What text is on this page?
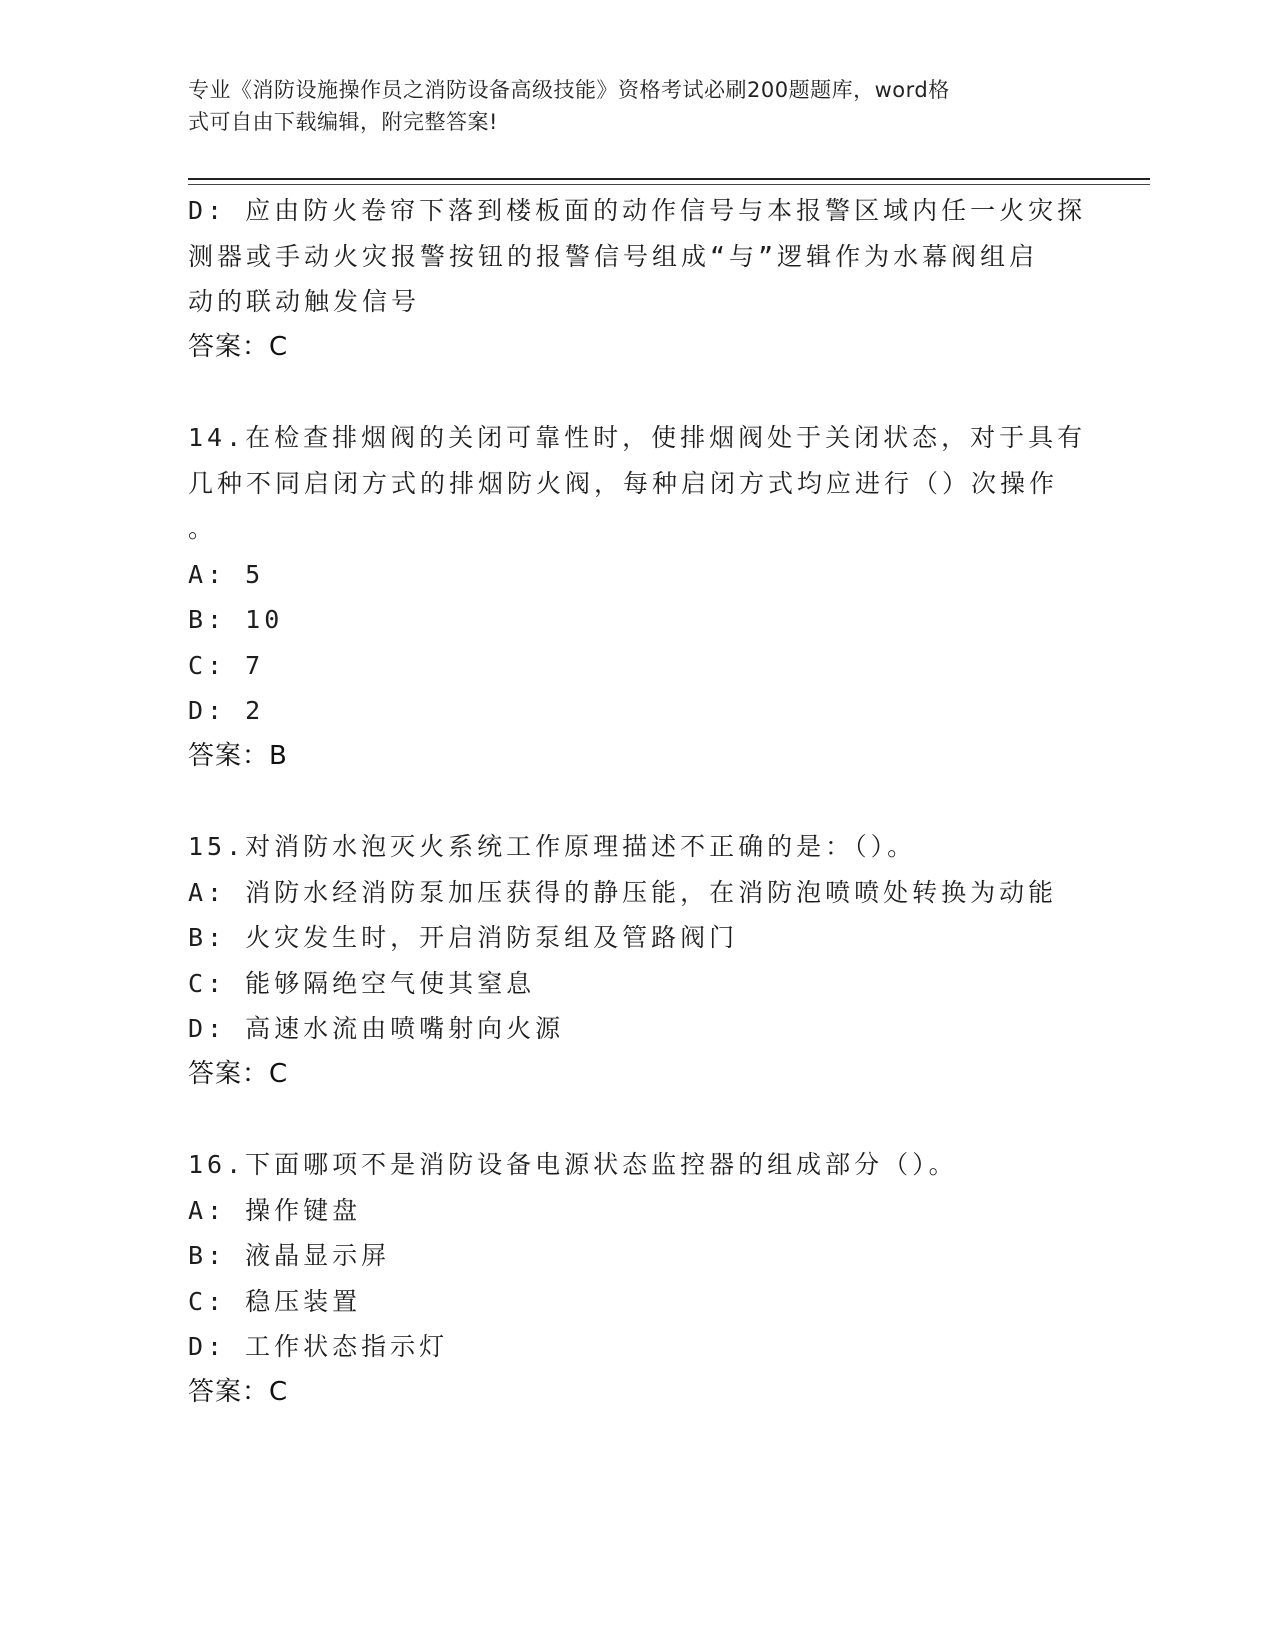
专业《消防设施操作员之消防设备高级技能》资格考试必刷200题题库，word格
式可自由下载编辑，附完整答案!
D: 应由防火卷帘下落到楼板面的动作信号与本报警区域内任一火灾探
测器或手动火灾报警按钮的报警信号组成“与”逻辑作为水幕阀组启
动的联动触发信号
答案：C
14.在检查排烟阀的关闭可靠性时，使排烟阀处于关闭状态，对于具有
几种不同启闭方式的排烟防火阀，每种启闭方式均应进行（）次操作
。
A: 5
B: 10
C: 7
D: 2
答案：B
15.对消防水泡灭火系统工作原理描述不正确的是：（）。
A: 消防水经消防泵加压获得的静压能，在消防泡喷喷处转换为动能
B: 火灾发生时，开启消防泵组及管路阀门
C: 能够隔绝空气使其窒息
D: 高速水流由喷嘴射向火源
答案：C
16.下面哪项不是消防设备电源状态监控器的组成部分（）。
A: 操作键盘
B: 液晶显示屏
C: 稳压装置
D: 工作状态指示灯
答案：C
